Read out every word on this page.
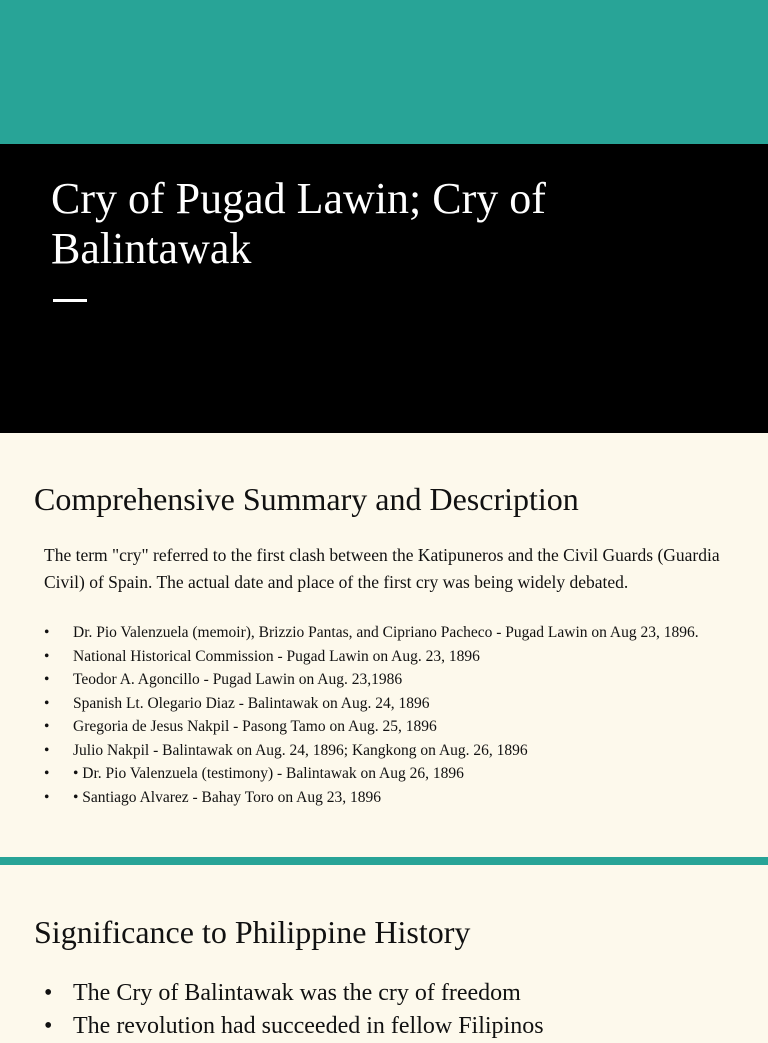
Cry of Pugad Lawin; Cry of Balintawak
Comprehensive Summary and Description

The term "cry" referred to the first clash between the Katipuneros and the Civil Guards (Guardia Civil) of Spain. The actual date and place of the first cry was being widely debated.

• Dr. Pio Valenzuela (memoir), Brizzio Pantas, and Cipriano Pacheco - Pugad Lawin on Aug 23, 1896.
• National Historical Commission - Pugad Lawin on Aug. 23, 1896
• Teodor A. Agoncillo - Pugad Lawin on Aug. 23,1986
• Spanish Lt. Olegario Diaz - Balintawak on Aug. 24, 1896
• Gregoria de Jesus Nakpil - Pasong Tamo on Aug. 25, 1896
• Julio Nakpil - Balintawak on Aug. 24, 1896; Kangkong on Aug. 26, 1896
• • Dr. Pio Valenzuela (testimony) - Balintawak on Aug 26, 1896
• • Santiago Alvarez - Bahay Toro on Aug 23, 1896
Significance to Philippine History
• The Cry of Balintawak was the cry of freedom
• The revolution had succeeded in fellow Filipinos
